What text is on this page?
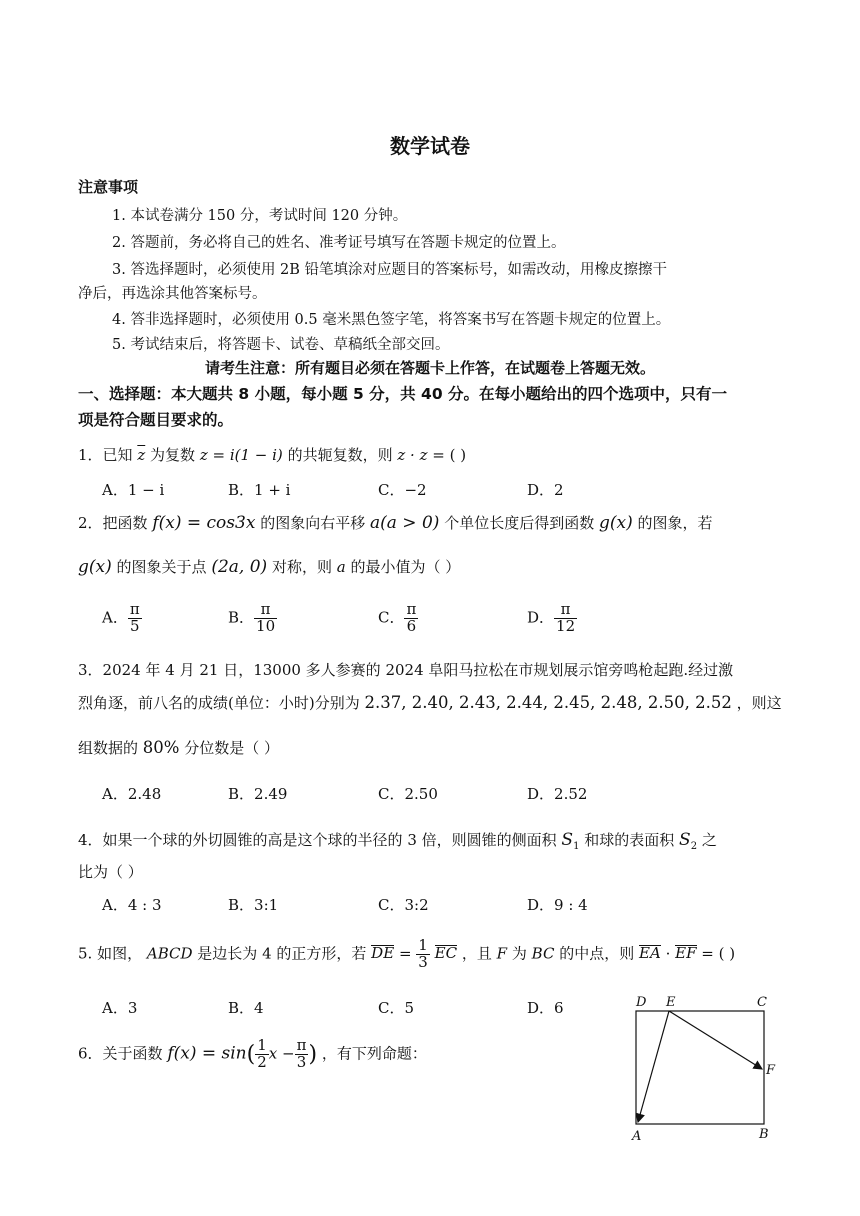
数学试卷
注意事项
1. 本试卷满分 150 分，考试时间 120 分钟。
2. 答题前，务必将自己的姓名、准考证号填写在答题卡规定的位置上。
3. 答选择题时，必须使用 2B 铅笔填涂对应题目的答案标号，如需改动，用橡皮擦擦干
净后，再选涂其他答案标号。
4. 答非选择题时，必须使用 0.5 毫米黑色签字笔，将答案书写在答题卡规定的位置上。
5. 考试结束后，将答题卡、试卷、草稿纸全部交回。
请考生注意：所有题目必须在答题卡上作答，在试题卷上答题无效。
一、选择题：本大题共 8 小题，每小题 5 分，共 40 分。在每小题给出的四个选项中，只有一
项是符合题目要求的。
1．已知 $\overline{z}$ 为复数 z = i(1 − i) 的共轭复数，则 z · z = ( )
A．1 − i	B．1 + i	C．−2	D．2
2．把函数 f(x) = cos3x 的图象向右平移 a(a > 0) 个单位长度后得到函数 g(x) 的图象，若
g(x) 的图象关于点 (2a, 0) 对称，则 a 的最小值为（ ）
A． $\frac{\pi}{5}$	B． $\frac{\pi}{10}$	C． $\frac{\pi}{6}$	D． $\frac{\pi}{12}$
3．2024 年 4 月 21 日，13000 多人参赛的 2024 阜阳马拉松在市规划展示馆旁鸣枪起跑.经过激
烈角逐，前八名的成绩(单位：小时)分别为 2.37, 2.40, 2.43, 2.44, 2.45, 2.48, 2.50, 2.52 ，则这
组数据的 80% 分位数是（ ）
A．2.48	B．2.49	C．2.50	D．2.52
4．如果一个球的外切圆锥的高是这个球的半径的 3 倍，则圆锥的侧面积 $S_1$ 和球的表面积 $S_2$ 之
比为（ ）
A．4 : 3	B．3:1	C．3:2	D．9 : 4
5. 如图， ABCD 是边长为 4 的正方形，若 DE = $\frac{1}{3}$ EC ，且 F 为 BC 的中点，则 EA · EF = ( )
A．3	B．4	C．5	D．6
6．关于函数 $f(x) = \sin( \frac{1}{2}$ $x - \frac{\pi}{3}$ ) ，有下列命题：
D E	C
F
A	B
